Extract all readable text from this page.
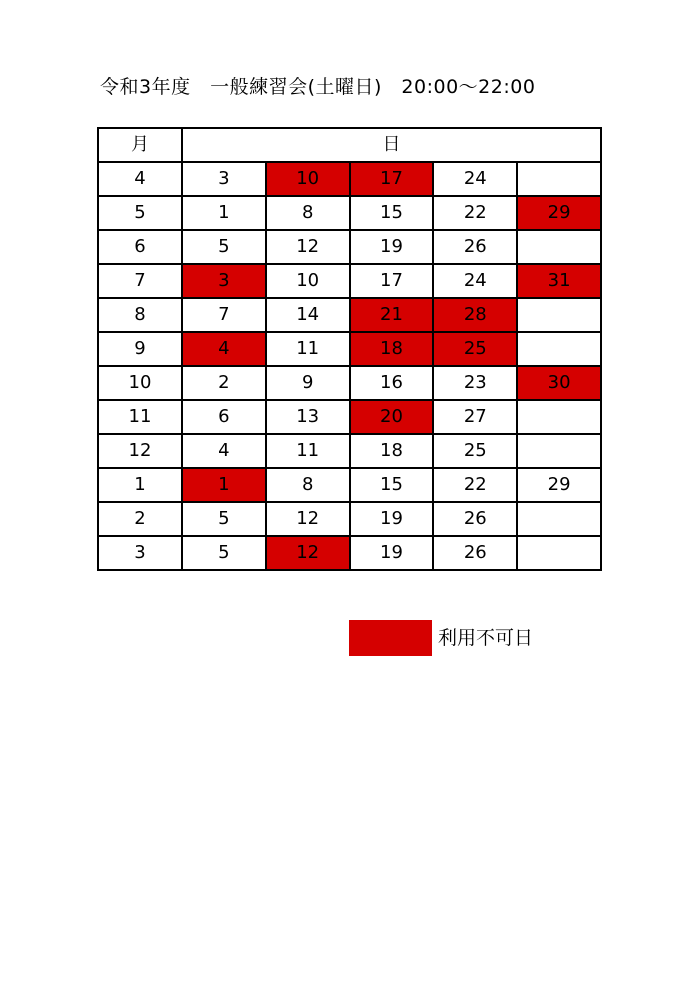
令和3年度　一般練習会(土曜日)　20:00～22:00
月	日				
4	3	10	17	24	
5	1	8	15	22	29
6	5	12	19	26	
7	3	10	17	24	31
8	7	14	21	28	
9	4	11	18	25	
10	2	9	16	23	30
11	6	13	20	27	
12	4	11	18	25	
1	1	8	15	22	29
2	5	12	19	26	
3	5	12	19	26	
利用不可日
